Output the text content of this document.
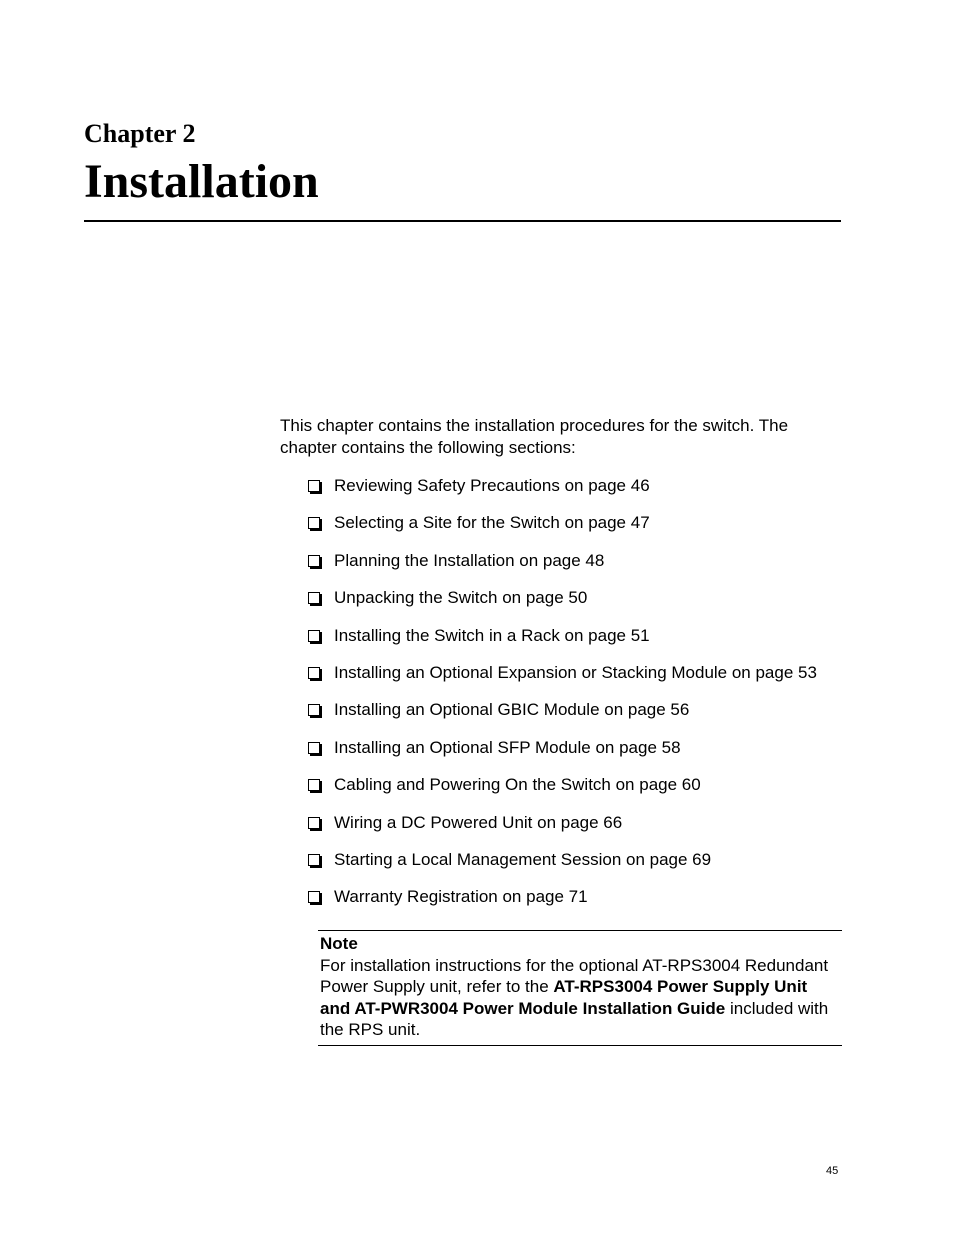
Chapter 2
Installation

This chapter contains the installation procedures for the switch. The chapter contains the following sections:

Reviewing Safety Precautions on page 46
Selecting a Site for the Switch on page 47
Planning the Installation on page 48
Unpacking the Switch on page 50
Installing the Switch in a Rack on page 51
Installing an Optional Expansion or Stacking Module on page 53
Installing an Optional GBIC Module on page 56
Installing an Optional SFP Module on page 58
Cabling and Powering On the Switch on page 60
Wiring a DC Powered Unit on page 66
Starting a Local Management Session on page 69
Warranty Registration on page 71
Note
For installation instructions for the optional AT-RPS3004 Redundant Power Supply unit, refer to the AT-RPS3004 Power Supply Unit and AT-PWR3004 Power Module Installation Guide included with the RPS unit.
45
